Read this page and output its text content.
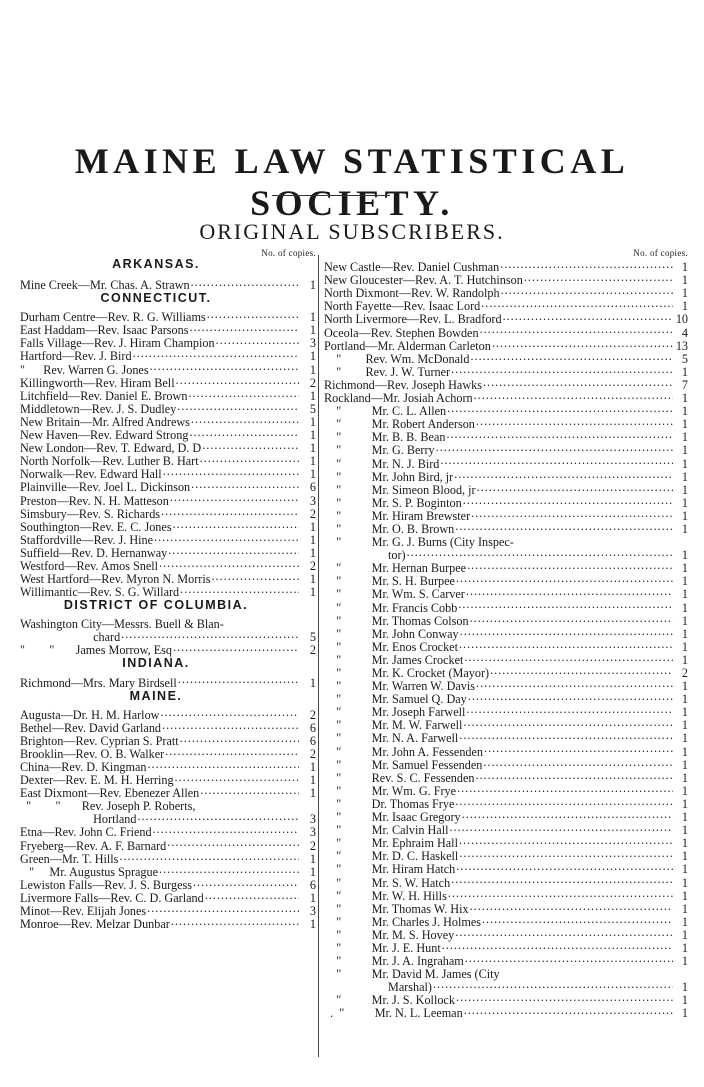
MAINE LAW STATISTICAL SOCIETY.
ORIGINAL SUBSCRIBERS.
No. of copies.
ARKANSAS.
Mine Creek—Mr. Chas. A. Strawn .....	1
CONNECTICUT.
Durham Centre—Rev. R. G. Williams .....	1
East Haddam—Rev. Isaac Parsons .....	1
Falls Village—Rev. J. Hiram Champion .....	3
Hartford—Rev. J. Bird .....	1
"      Rev. Warren G. Jones .....	1
Killingworth—Rev. Hiram Bell .....	2
Litchfield—Rev. Daniel E. Brown .....	1
Middletown—Rev. J. S. Dudley .....	5
New Britain—Mr. Alfred Andrews .....	1
New Haven—Rev. Edward Strong .....	1
New London—Rev. T. Edward, D. D .....	1
North Norfolk—Rev. Luther B. Hart .....	1
Norwalk—Rev. Edward Hall .....	1
Plainville—Rev. Joel L. Dickinson .....	6
Preston—Rev. N. H. Matteson .....	3
Simsbury—Rev. S. Richards .....	2
Southington—Rev. E. C. Jones .....	1
Staffordville—Rev. J. Hine .....	1
Suffield—Rev. D. Hernanway .....	1
Westford—Rev. Amos Snell .....	2
West Hartford—Rev. Myron N. Morris .....	1
Willimantic—Rev. S. G. Willard .....	1
DISTRICT OF COLUMBIA.
Washington City—Messrs. Buell & Blan-
chard .....	5
"        "       James Morrow, Esq .....	2
INDIANA.
Richmond—Mrs. Mary Birdsell .....	1
MAINE.
Augusta—Dr. H. M. Harlow .....	2
Bethel—Rev. David Garland .....	6
Brighton—Rev. Cyprian S. Pratt .....	6
Brooklin—Rev. O. B. Walker .....	2
China—Rev. D. Kingman .....	1
Dexter—Rev. E. M. H. Herring .....	1
East Dixmont—Rev. Ebenezer Allen .....	1
"        "       Rev. Joseph P. Roberts,
Hortland .....	3
Etna—Rev. John C. Friend .....	3
Fryeberg—Rev. A. F. Barnard .....	2
Green—Mr. T. Hills .....	1
"     Mr. Augustus Sprague .....	1
Lewiston Falls—Rev. J. S. Burgess .....	6
Livermore Falls—Rev. C. D. Garland .....	1
Minot—Rev. Elijah Jones .....	3
Monroe—Rev. Melzar Dunbar .....	1
No. of copies.
New Castle—Rev. Daniel Cushman .....	1
New Gloucester—Rev. A. T. Hutchinson .....	1
North Dixmont—Rev. W. Randolph .....	1
North Fayette—Rev. Isaac Lord .....	1
North Livermore—Rev. L. Bradford .....	10
Oceola—Rev. Stephen Bowden .....	4
Portland—Mr. Alderman Carleton .....	13
"        Rev. Wm. McDonald .....	5
"        Rev. J. W. Turner .....	1
Richmond—Rev. Joseph Hawks .....	7
Rockland—Mr. Josiah Achorn .....	1
"          Mr. C. L. Allen .....	1
"          Mr. Robert Anderson .....	1
"          Mr. B. B. Bean .....	1
"          Mr. G. Berry .....	1
"          Mr. N. J. Bird .....	1
"          Mr. John Bird, jr .....	1
"          Mr. Simeon Blood, jr .....	1
"          Mr. S. P. Boginton .....	1
"          Mr. Hiram Brewster .....	1
"          Mr. O. B. Brown .....	1
"          Mr. G. J. Burns (City Inspec-
tor) .....	1
"          Mr. Hernan Burpee .....	1
"          Mr. S. H. Burpee .....	1
"          Mr. Wm. S. Carver .....	1
"          Mr. Francis Cobb .....	1
"          Mr. Thomas Colson .....	1
"          Mr. John Conway .....	1
"          Mr. Enos Crocket .....	1
"          Mr. James Crocket .....	1
"          Mr. K. Crocket (Mayor) .....	2
"          Mr. Warren W. Davis .....	1
"          Mr. Samuel Q. Day .....	1
"          Mr. Joseph Farwell .....	1
"          Mr. M. W. Farwell .....	1
"          Mr. N. A. Farwell .....	1
"          Mr. John A. Fessenden .....	1
"          Mr. Samuel Fessenden .....	1
"          Rev. S. C. Fessenden .....	1
"          Mr. Wm. G. Frye .....	1
"          Dr. Thomas Frye .....	1
"          Mr. Isaac Gregory .....	1
"          Mr. Calvin Hall .....	1
"          Mr. Ephraim Hall .....	1
"          Mr. D. C. Haskell .....	1
"          Mr. Hiram Hatch .....	1
"          Mr. S. W. Hatch .....	1
"          Mr. W. H. Hills .....	1
"          Mr. Thomas W. Hix .....	1
"          Mr. Charles J. Holmes .....	1
"          Mr. M. S. Hovey .....	1
"          Mr. J. E. Hunt .....	1
"          Mr. J. A. Ingraham .....	1
"          Mr. David M. James (City
Marshal) .....	1
"          Mr. J. S. Kollock .....	1
.  "          Mr. N. L. Leeman .....	1
